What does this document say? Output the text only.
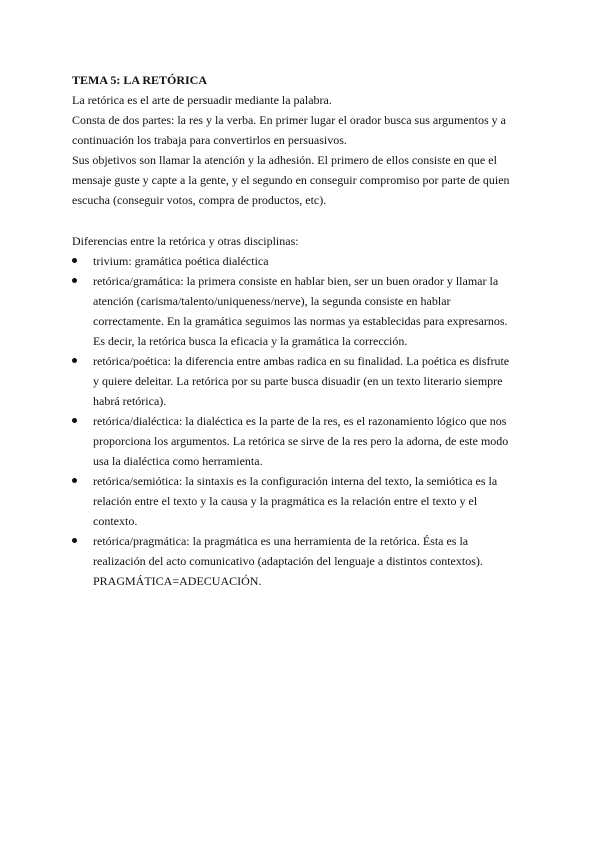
TEMA 5: LA RETÓRICA

La retórica es el arte de persuadir mediante la palabra.

Consta de dos partes: la res y la verba. En primer lugar el orador busca sus argumentos y a continuación los trabaja para convertirlos en persuasivos.

Sus objetivos son llamar la atención y la adhesión. El primero de ellos consiste en que el mensaje guste y capte a la gente, y el segundo en conseguir compromiso por parte de quien escucha (conseguir votos, compra de productos, etc).

Diferencias entre la retórica y otras disciplinas:

trivium: gramática poética dialéctica
retórica/gramática: la primera consiste en hablar bien, ser un buen orador y llamar la atención (carisma/talento/uniqueness/nerve), la segunda consiste en hablar correctamente. En la gramática seguimos las normas ya establecidas para expresarnos. Es decir, la retórica busca la eficacia y la gramática la corrección.
retórica/poética: la diferencia entre ambas radica en su finalidad. La poética es disfrute y quiere deleitar. La retórica por su parte busca disuadir (en un texto literario siempre habrá retórica).
retórica/dialéctica: la dialéctica es la parte de la res, es el razonamiento lógico que nos proporciona los argumentos. La retórica se sirve de la res pero la adorna, de este modo usa la dialéctica como herramienta.
retórica/semiótica: la sintaxis es la configuración interna del texto, la semiótica es la relación entre el texto y la causa y la pragmática es la relación entre el texto y el contexto.
retórica/pragmática: la pragmática es una herramienta de la retórica. Ésta es la realización del acto comunicativo (adaptación del lenguaje a distintos contextos). PRAGMÁTICA=ADECUACIÓN.
